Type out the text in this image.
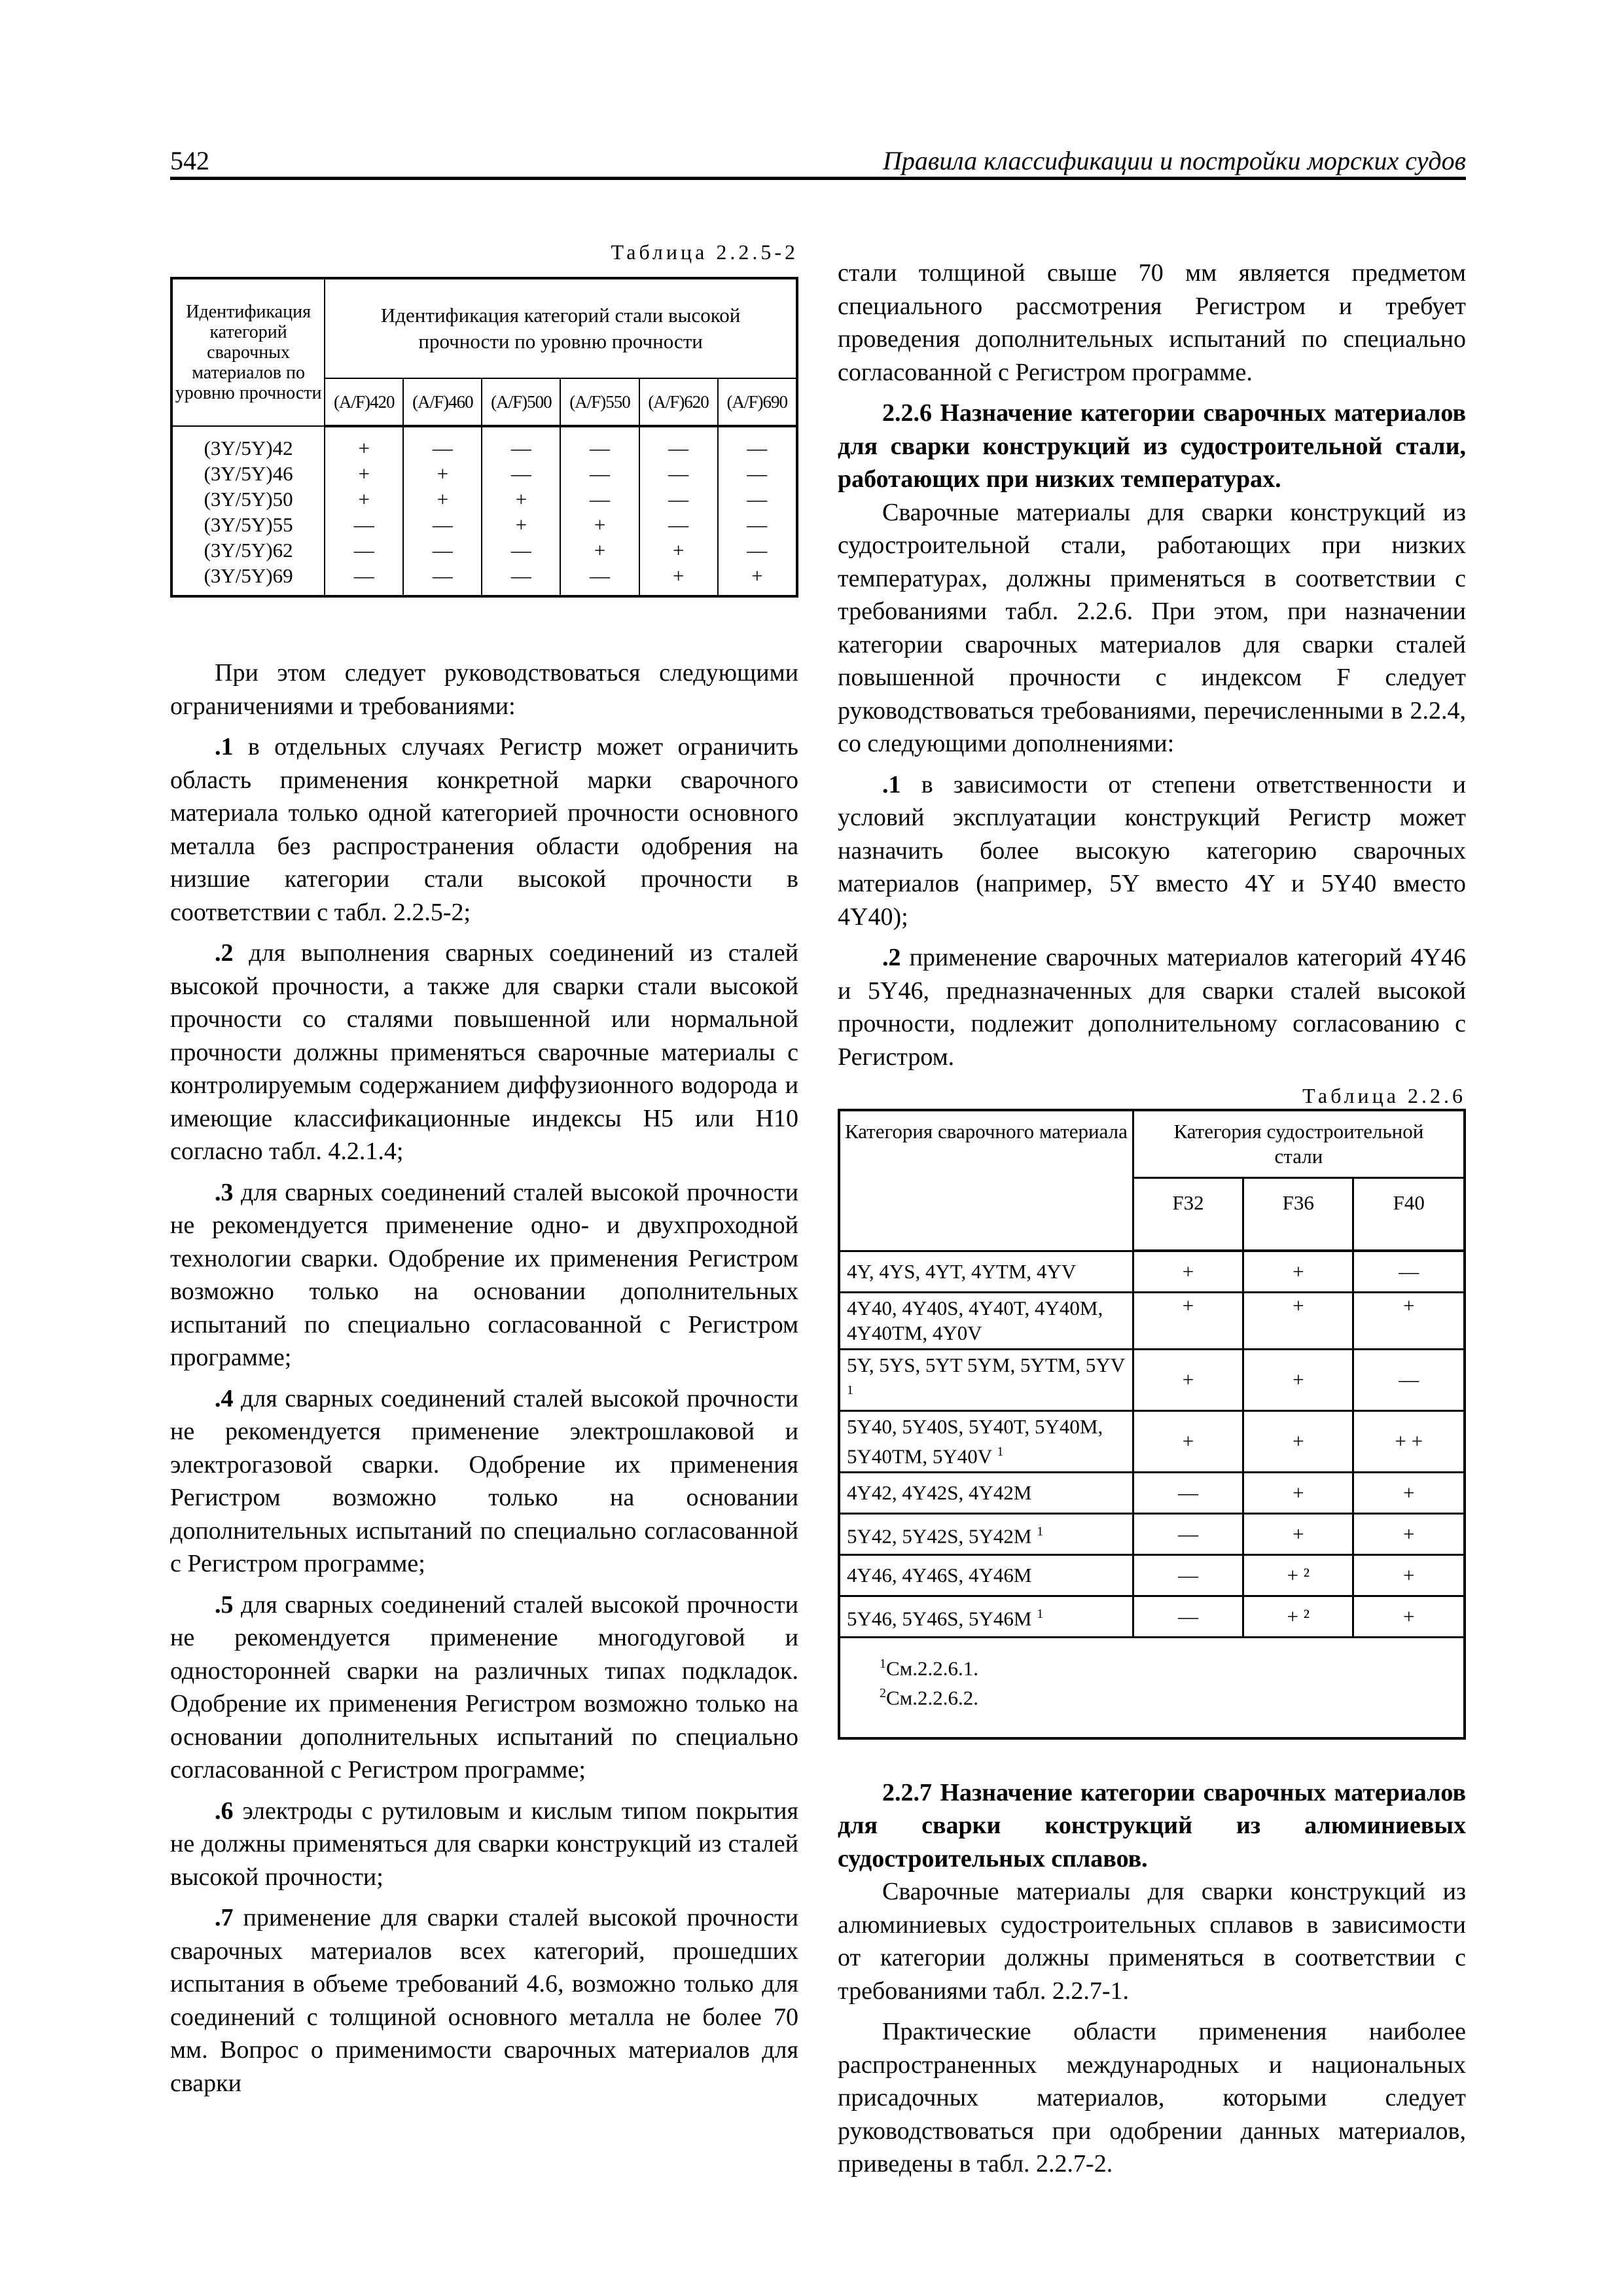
542	Правила классификации и постройки морских судов
Таблица 2.2.5-2
Идентификация категорий сварочных материалов по уровню прочности	Идентификация категорий стали высокой прочности по уровню прочности					
	(A/F)420	(A/F)460	(A/F)500	(A/F)550	(A/F)620	(A/F)690
(3Y/5Y)42	+	—	—	—	—	—
(3Y/5Y)46	+	+	—	—	—	—
(3Y/5Y)50	+	+	+	—	—	—
(3Y/5Y)55	—	—	+	+	—	—
(3Y/5Y)62	—	—	—	+	+	—
(3Y/5Y)69	—	—	—	—	+	+

При этом следует руководствоваться следующими ограничениями и требованиями:

.1 в отдельных случаях Регистр может ограничить область применения конкретной марки сварочного материала только одной категорией прочности основного металла без распространения области одобрения на низшие категории стали высокой прочности в соответствии с табл. 2.2.5-2;

.2 для выполнения сварных соединений из сталей высокой прочности, а также для сварки стали высокой прочности со сталями повышенной или нормальной прочности должны применяться сварочные материалы с контролируемым содержанием диффузионного водорода и имеющие классификационные индексы H5 или H10 согласно табл. 4.2.1.4;

.3 для сварных соединений сталей высокой прочности не рекомендуется применение одно- и двухпроходной технологии сварки. Одобрение их применения Регистром возможно только на основании дополнительных испытаний по специально согласованной с Регистром программе;

.4 для сварных соединений сталей высокой прочности не рекомендуется применение электрошлаковой и электрогазовой сварки. Одобрение их применения Регистром возможно только на основании дополнительных испытаний по специально согласованной с Регистром программе;

.5 для сварных соединений сталей высокой прочности не рекомендуется применение многодуговой и односторонней сварки на различных типах подкладок. Одобрение их применения Регистром возможно только на основании дополнительных испытаний по специально согласованной с Регистром программе;

.6 электроды с рутиловым и кислым типом покрытия не должны применяться для сварки конструкций из сталей высокой прочности;

.7 применение для сварки сталей высокой прочности сварочных материалов всех категорий, прошедших испытания в объеме требований 4.6, возможно только для соединений с толщиной основного металла не более 70 мм. Вопрос о применимости сварочных материалов для сварки

стали толщиной свыше 70 мм является предметом специального рассмотрения Регистром и требует проведения дополнительных испытаний по специально согласованной с Регистром программе.

2.2.6 Назначение категории сварочных материалов для сварки конструкций из судостроительной стали, работающих при низких температурах.

Сварочные материалы для сварки конструкций из судостроительной стали, работающих при низких температурах, должны применяться в соответствии с требованиями табл. 2.2.6. При этом, при назначении категории сварочных материалов для сварки сталей повышенной прочности с индексом F следует руководствоваться требованиями, перечисленными в 2.2.4, со следующими дополнениями:

.1 в зависимости от степени ответственности и условий эксплуатации конструкций Регистр может назначить более высокую категорию сварочных материалов (например, 5Y вместо 4Y и 5Y40 вместо 4Y40);

.2 применение сварочных материалов категорий 4Y46 и 5Y46, предназначенных для сварки сталей высокой прочности, подлежит дополнительному согласованию с Регистром.

Таблица 2.2.6
Категория сварочного материала	Категория судостроительной стали		
	F32	F36	F40
4Y, 4YS, 4YT, 4YTM, 4YV	+	+	—
4Y40, 4Y40S, 4Y40T, 4Y40M, 4Y40TM, 4Y0V	+	+	+
5Y, 5YS, 5YT 5YM, 5YTM, 5YV $^1$	+	+	—
5Y40, 5Y40S, 5Y40T, 5Y40M, 5Y40TM, 5Y40V $^1$	+	+	+ +
4Y42, 4Y42S, 4Y42M	—	+	+
5Y42, 5Y42S, 5Y42M $^1$	—	+	+
4Y46, 4Y46S, 4Y46M	—	+ ²	+
5Y46, 5Y46S, 5Y46M $^1$	—	+ ²	+

$^1$См.2.2.6.1.
$^2$См.2.2.6.2.			

2.2.7 Назначение категории сварочных материалов для сварки конструкций из алюминиевых судостроительных сплавов.

Сварочные материалы для сварки конструкций из алюминиевых судостроительных сплавов в зависимости от категории должны применяться в соответствии с требованиями табл. 2.2.7-1.

Практические области применения наиболее распространенных международных и национальных присадочных материалов, которыми следует руководствоваться при одобрении данных материалов, приведены в табл. 2.2.7-2.
